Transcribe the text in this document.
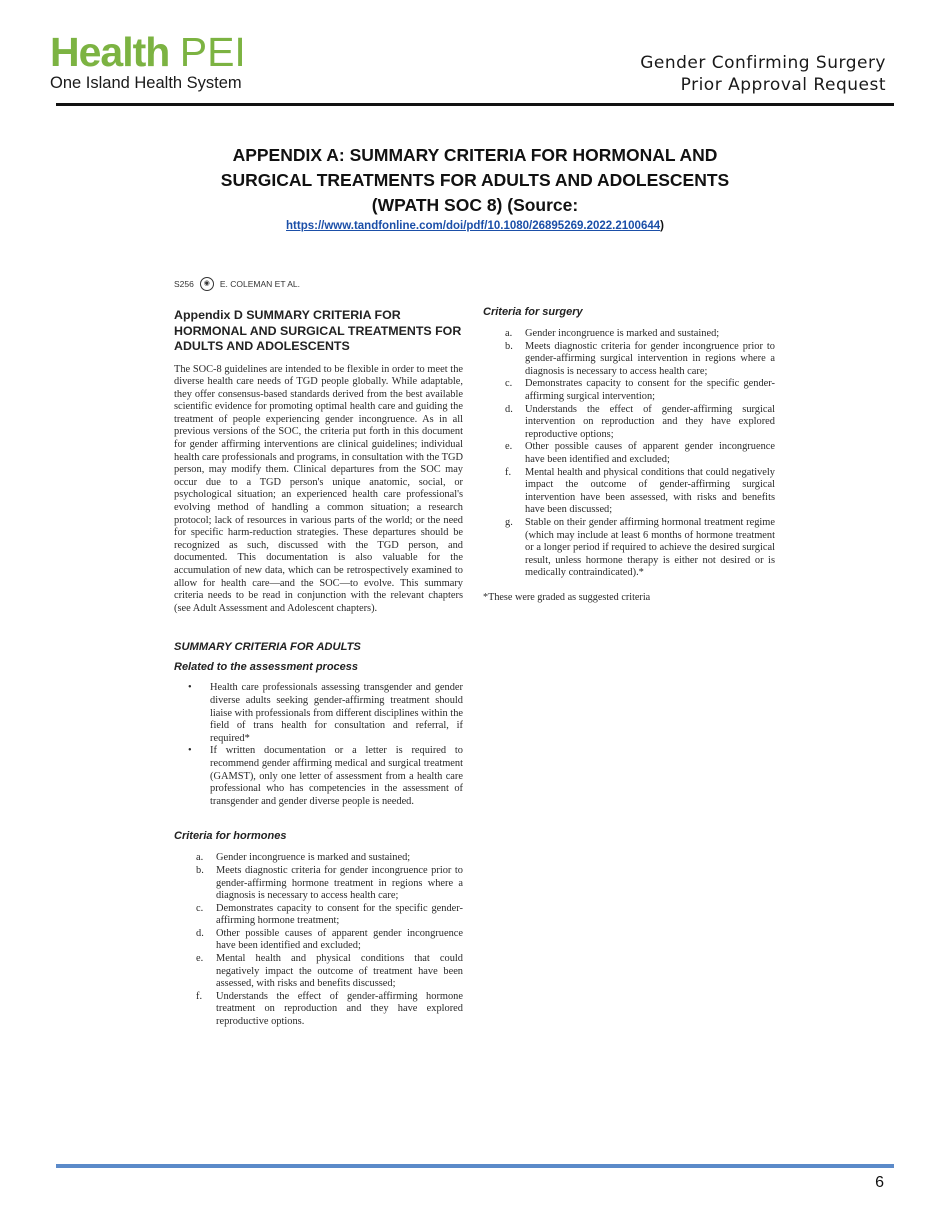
Health PEI
One Island Health System
Gender Confirming Surgery
Prior Approval Request
APPENDIX A: SUMMARY CRITERIA FOR HORMONAL AND
SURGICAL TREATMENTS FOR ADULTS AND ADOLESCENTS
(WPATH SOC 8) (Source:
https://www.tandfonline.com/doi/pdf/10.1080/26895269.2022.2100644)
S256	◉	E. COLEMAN ET AL.
Appendix D SUMMARY CRITERIA FOR HORMONAL AND SURGICAL TREATMENTS FOR ADULTS AND ADOLESCENTS

The SOC-8 guidelines are intended to be flexible in order to meet the diverse health care needs of TGD people globally. While adaptable, they offer consensus-based standards derived from the best available scientific evidence for promoting optimal health care and guiding the treatment of people experiencing gender incongruence. As in all previous versions of the SOC, the criteria put forth in this document for gender affirming interventions are clinical guidelines; individual health care professionals and programs, in consultation with the TGD person, may modify them. Clinical departures from the SOC may occur due to a TGD person's unique anatomic, social, or psychological situation; an experienced health care professional's evolving method of handling a common situation; a research protocol; lack of resources in various parts of the world; or the need for specific harm-reduction strategies. These departures should be recognized as such, discussed with the TGD person, and documented. This documentation is also valuable for the accumulation of new data, which can be retrospectively examined to allow for health care—and the SOC—to evolve. This summary criteria needs to be read in conjunction with the relevant chapters (see Adult Assessment and Adolescent chapters).

SUMMARY CRITERIA FOR ADULTS
Related to the assessment process
• Health care professionals assessing transgender and gender diverse adults seeking gender-affirming treatment should liaise with professionals from different disciplines within the field of trans health for consultation and referral, if required*
• If written documentation or a letter is required to recommend gender affirming medical and surgical treatment (GAMST), only one letter of assessment from a health care professional who has competencies in the assessment of transgender and gender diverse people is needed.
Criteria for hormones
a. Gender incongruence is marked and sustained;
b. Meets diagnostic criteria for gender incongruence prior to gender-affirming hormone treatment in regions where a diagnosis is necessary to access health care;
c. Demonstrates capacity to consent for the specific gender-affirming hormone treatment;
d. Other possible causes of apparent gender incongruence have been identified and excluded;
e. Mental health and physical conditions that could negatively impact the outcome of treatment have been assessed, with risks and benefits discussed;
f. Understands the effect of gender-affirming hormone treatment on reproduction and they have explored reproductive options.
Criteria for surgery
a. Gender incongruence is marked and sustained;
b. Meets diagnostic criteria for gender incongruence prior to gender-affirming surgical intervention in regions where a diagnosis is necessary to access health care;
c. Demonstrates capacity to consent for the specific gender-affirming surgical intervention;
d. Understands the effect of gender-affirming surgical intervention on reproduction and they have explored reproductive options;
e. Other possible causes of apparent gender incongruence have been identified and excluded;
f. Mental health and physical conditions that could negatively impact the outcome of gender-affirming surgical intervention have been assessed, with risks and benefits have been discussed;
g. Stable on their gender affirming hormonal treatment regime (which may include at least 6 months of hormone treatment or a longer period if required to achieve the desired surgical result, unless hormone therapy is either not desired or is medically contraindicated).*

*These were graded as suggested criteria

6
